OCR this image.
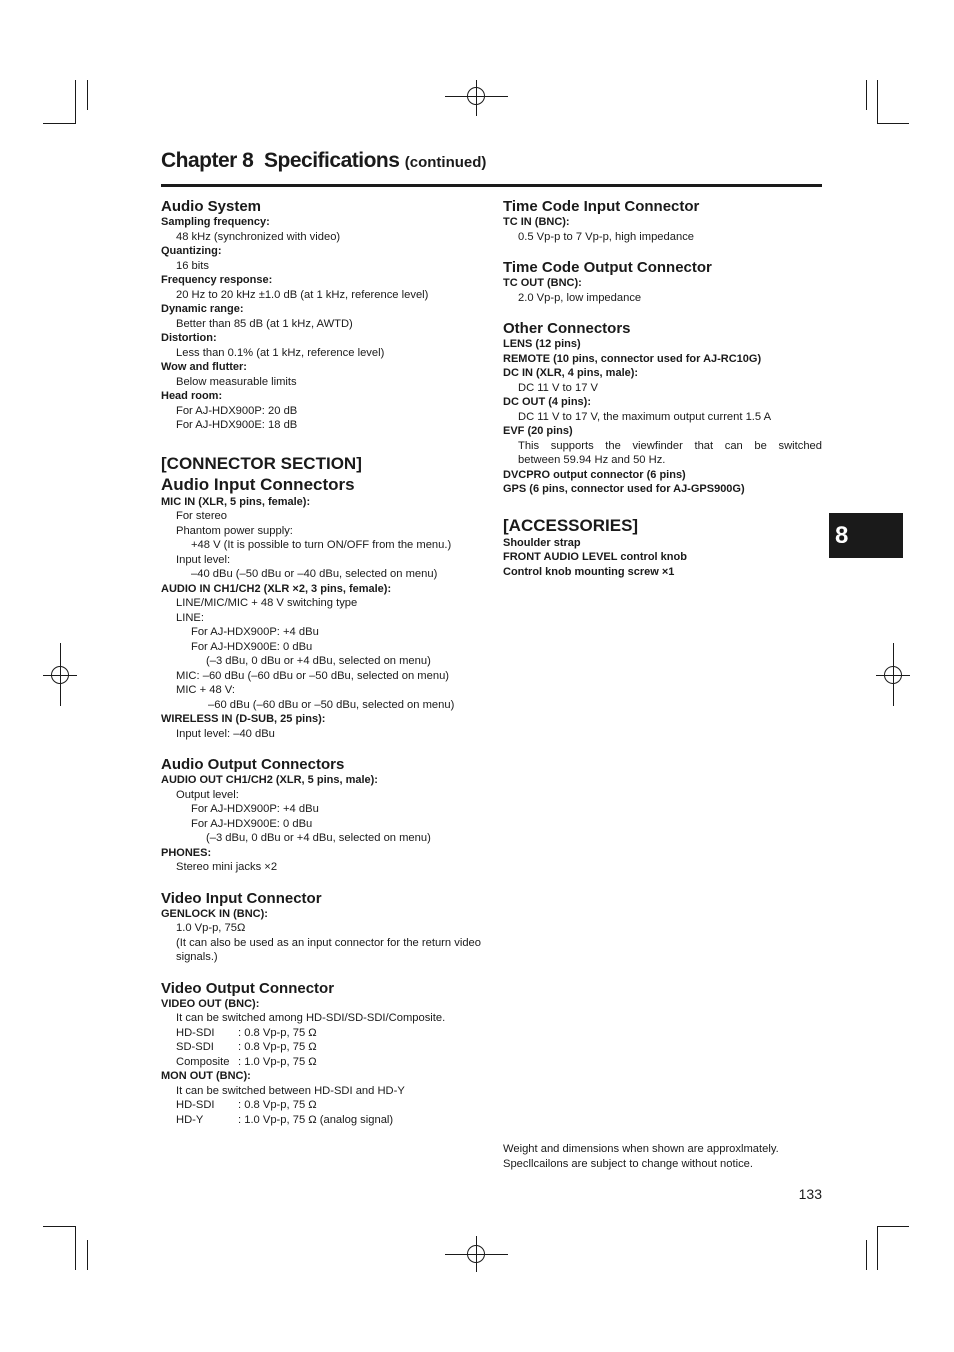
Chapter 8 Specifications (continued)
Audio System
Sampling frequency:
48 kHz (synchronized with video)
Quantizing:
16 bits
Frequency response:
20 Hz to 20 kHz ±1.0 dB (at 1 kHz, reference level)
Dynamic range:
Better than 85 dB (at 1 kHz, AWTD)
Distortion:
Less than 0.1% (at 1 kHz, reference level)
Wow and flutter:
Below measurable limits
Head room:
For AJ-HDX900P: 20 dB
For AJ-HDX900E: 18 dB
[CONNECTOR SECTION]
Audio Input Connectors
MIC IN (XLR, 5 pins, female):
For stereo
Phantom power supply:
+48 V (It is possible to turn ON/OFF from the menu.)
Input level:
–40 dBu (–50 dBu or –40 dBu, selected on menu)
AUDIO IN CH1/CH2 (XLR ×2, 3 pins, female):
LINE/MIC/MIC + 48 V switching type
LINE:
For AJ-HDX900P: +4 dBu
For AJ-HDX900E: 0 dBu
(–3 dBu, 0 dBu or +4 dBu, selected on menu)
MIC: –60 dBu (–60 dBu or –50 dBu, selected on menu)
MIC + 48 V:
–60 dBu (–60 dBu or –50 dBu, selected on menu)
WIRELESS IN (D-SUB, 25 pins):
Input level: –40 dBu
Audio Output Connectors
AUDIO OUT CH1/CH2 (XLR, 5 pins, male):
Output level:
For AJ-HDX900P: +4 dBu
For AJ-HDX900E: 0 dBu
(–3 dBu, 0 dBu or +4 dBu, selected on menu)
PHONES:
Stereo mini jacks ×2
Video Input Connector
GENLOCK IN (BNC):
1.0 Vp-p, 75Ω
(It can also be used as an input connector for the return video signals.)
Video Output Connector
VIDEO OUT (BNC):
It can be switched among HD-SDI/SD-SDI/Composite.
HD-SDI	: 0.8 Vp-p, 75 Ω
SD-SDI	: 0.8 Vp-p, 75 Ω
Composite : 1.0 Vp-p, 75 Ω
MON OUT (BNC):
It can be switched between HD-SDI and HD-Y
HD-SDI	: 0.8 Vp-p, 75 Ω
HD-Y	: 1.0 Vp-p, 75 Ω (analog signal)
Time Code Input Connector
TC IN (BNC):
0.5 Vp-p to 7 Vp-p, high impedance
Time Code Output Connector
TC OUT (BNC):
2.0 Vp-p, low impedance
Other Connectors
LENS (12 pins)
REMOTE (10 pins, connector used for AJ-RC10G)
DC IN (XLR, 4 pins, male):
DC 11 V to 17 V
DC OUT (4 pins):
DC 11 V to 17 V, the maximum output current 1.5 A
EVF (20 pins)
This supports the viewfinder that can be switched
between 59.94 Hz and 50 Hz.
DVCPRO output connector (6 pins)
GPS (6 pins, connector used for AJ-GPS900G)
[ACCESSORIES]
Shoulder strap
FRONT AUDIO LEVEL control knob
Control knob mounting screw ×1
8
Weight and dimensions when shown are approxlmately.
Specllcailons are subject to change without notice.
133
